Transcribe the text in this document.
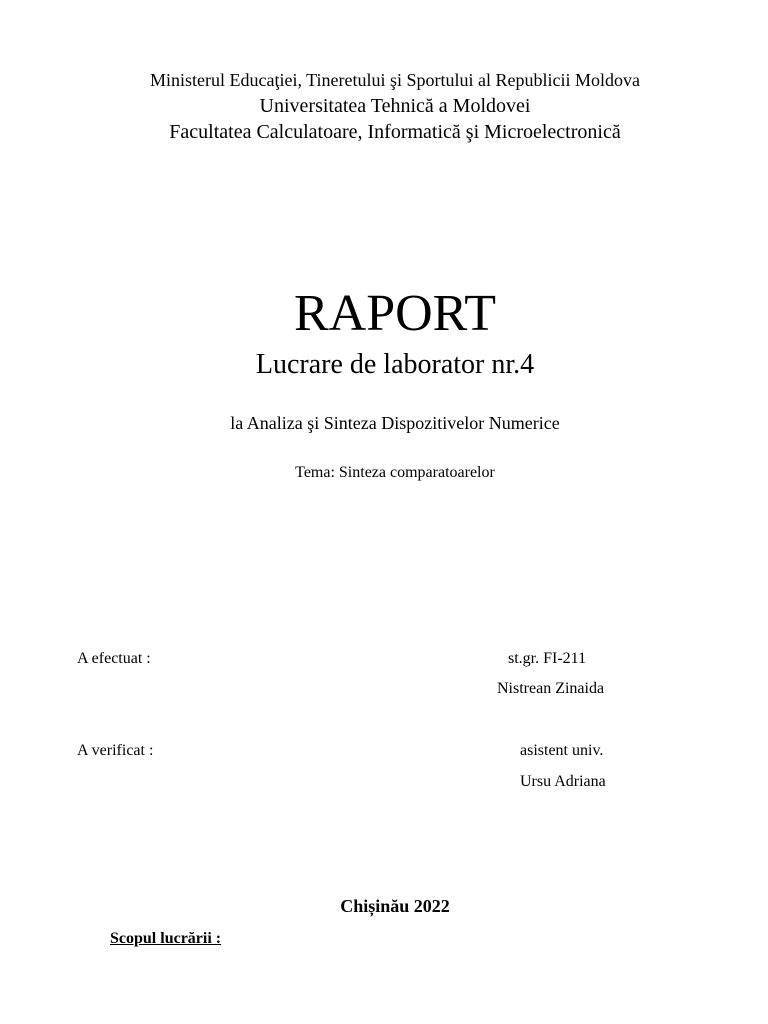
Ministerul Educaţiei, Tineretului şi Sportului al Republicii Moldova
Universitatea Tehnică a Moldovei
Facultatea Calculatoare, Informatică şi Microelectronică
RAPORT
Lucrare de laborator nr.4
la Analiza şi Sinteza Dispozitivelor Numerice
Tema: Sinteza comparatoarelor
A efectuat :	st.gr. FI-211
Nistrean Zinaida
A verificat :	asistent univ.
Ursu Adriana
Chișinău 2022
Scopul lucrării :
